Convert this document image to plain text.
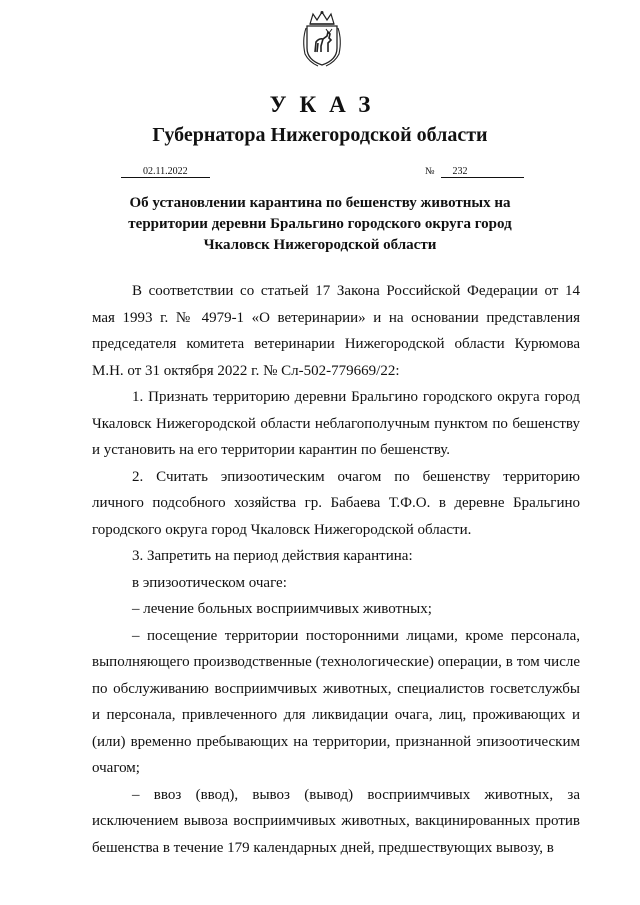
УКАЗ
Губернатора Нижегородской области
02.11.2022	№ 232
Об установлении карантина по бешенству животных на территории деревни Бральгино городского округа город Чкаловск Нижегородской области

В соответствии со статьей 17 Закона Российской Федерации от 14 мая 1993 г. № 4979-1 «О ветеринарии» и на основании представления председателя комитета ветеринарии Нижегородской области Курюмова М.Н. от 31 октября 2022 г. № Сл-502-779669/22:

1. Признать территорию деревни Бральгино городского округа город Чкаловск Нижегородской области неблагополучным пунктом по бешенству и установить на его территории карантин по бешенству.

2. Считать эпизоотическим очагом по бешенству территорию личного подсобного хозяйства гр. Бабаева Т.Ф.О. в деревне Бральгино городского округа город Чкаловск Нижегородской области.

3. Запретить на период действия карантина:

в эпизоотическом очаге:

– лечение больных восприимчивых животных;

– посещение территории посторонними лицами, кроме персонала, выполняющего производственные (технологические) операции, в том числе по обслуживанию восприимчивых животных, специалистов госветслужбы и персонала, привлеченного для ликвидации очага, лиц, проживающих и (или) временно пребывающих на территории, признанной эпизоотическим очагом;

– ввоз (ввод), вывоз (вывод) восприимчивых животных, за исключением вывоза восприимчивых животных, вакцинированных против бешенства в течение 179 календарных дней, предшествующих вывозу, в
